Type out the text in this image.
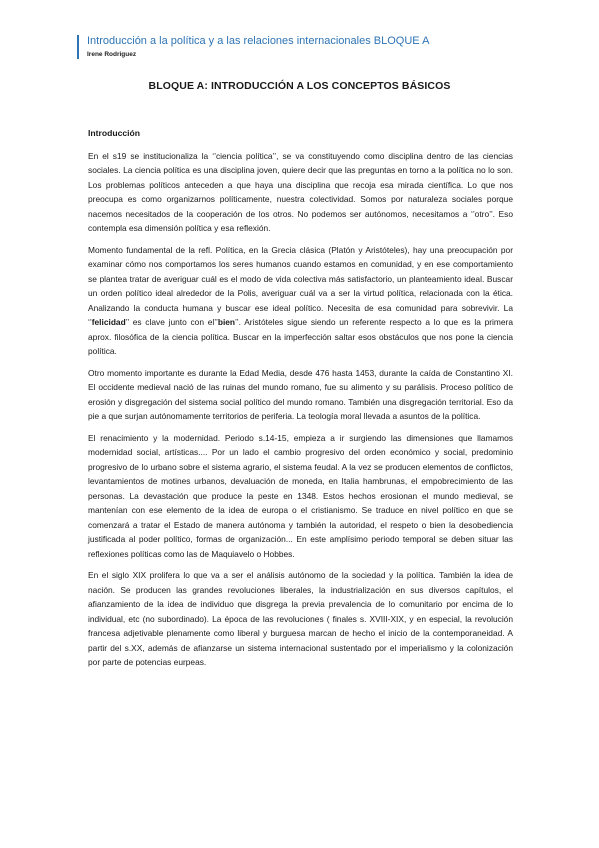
Introducción a la política y a las relaciones internacionales BLOQUE A
Irene Rodriguez
BLOQUE A: INTRODUCCIÓN A LOS CONCEPTOS BÁSICOS
Introducción

En el s19 se institucionaliza la ‘’ciencia política’’, se va constituyendo como disciplina dentro de las ciencias sociales. La ciencia política es una disciplina joven, quiere decir que las preguntas en torno a la política no lo son. Los problemas políticos anteceden a que haya una disciplina que recoja esa mirada científica. Lo que nos preocupa es como organizarnos políticamente, nuestra colectividad. Somos por naturaleza sociales porque nacemos necesitados de la cooperación de los otros. No podemos ser autónomos, necesitamos a ‘’otro’’. Eso contempla esa dimensión política y esa reflexión.

Momento fundamental de la refl. Política, en la Grecia clásica (Platón y Aristóteles), hay una preocupación por examinar cómo nos comportamos los seres humanos cuando estamos en comunidad, y en ese comportamiento se plantea tratar de averiguar cuál es el modo de vida colectiva más satisfactorio, un planteamiento ideal. Buscar un orden político ideal alrededor de la Polis, averiguar cuál va a ser la virtud política, relacionada con la ética. Analizando la conducta humana y buscar ese ideal político. Necesita de esa comunidad para sobrevivir. La ‘’felicidad’’ es clave junto con el’’bien’’. Aristóteles sigue siendo un referente respecto a lo que es la primera aprox. filosófica de la ciencia política. Buscar en la imperfección saltar esos obstáculos que nos pone la ciencia política.

Otro momento importante es durante la Edad Media, desde 476 hasta 1453, durante la caída de Constantino XI. El occidente medieval nació de las ruinas del mundo romano, fue su alimento y su parálisis. Proceso político de erosión y disgregación del sistema social político del mundo romano. También una disgregación territorial. Eso da pie a que surjan autónomamente territorios de periferia. La teología moral llevada a asuntos de la política.

El renacimiento y la modernidad. Periodo s.14-15, empieza a ir surgiendo las dimensiones que llamamos modernidad social, artísticas.... Por un lado el cambio progresivo del orden económico y social, predominio progresivo de lo urbano sobre el sistema agrario, el sistema feudal. A la vez se producen elementos de conflictos, levantamientos de motines urbanos, devaluación de moneda, en Italia hambrunas, el empobrecimiento de las personas. La devastación que produce la peste en 1348. Estos hechos erosionan el mundo medieval, se mantenían con ese elemento de la idea de europa o el cristianismo. Se traduce en nivel político en que se comenzará a tratar el Estado de manera autónoma y también la autoridad, el respeto o bien la desobediencia justificada al poder político, formas de organización... En este amplísimo periodo temporal se deben situar las reflexiones políticas como las de Maquiavelo o Hobbes.

En el siglo XIX prolifera lo que va a ser el análisis autónomo de la sociedad y la política. También la idea de nación. Se producen las grandes revoluciones liberales, la industrialización en sus diversos capítulos, el afianzamiento de la idea de individuo que disgrega la previa prevalencia de lo comunitario por encima de lo individual, etc (no subordinado). La época de las revoluciones ( finales s. XVIII-XIX, y en especial, la revolución francesa adjetivable plenamente como liberal y burguesa marcan de hecho el inicio de la contemporaneidad. A partir del s.XX, además de afianzarse un sistema internacional sustentado por el imperialismo y la colonización por parte de potencias eurpeas.
